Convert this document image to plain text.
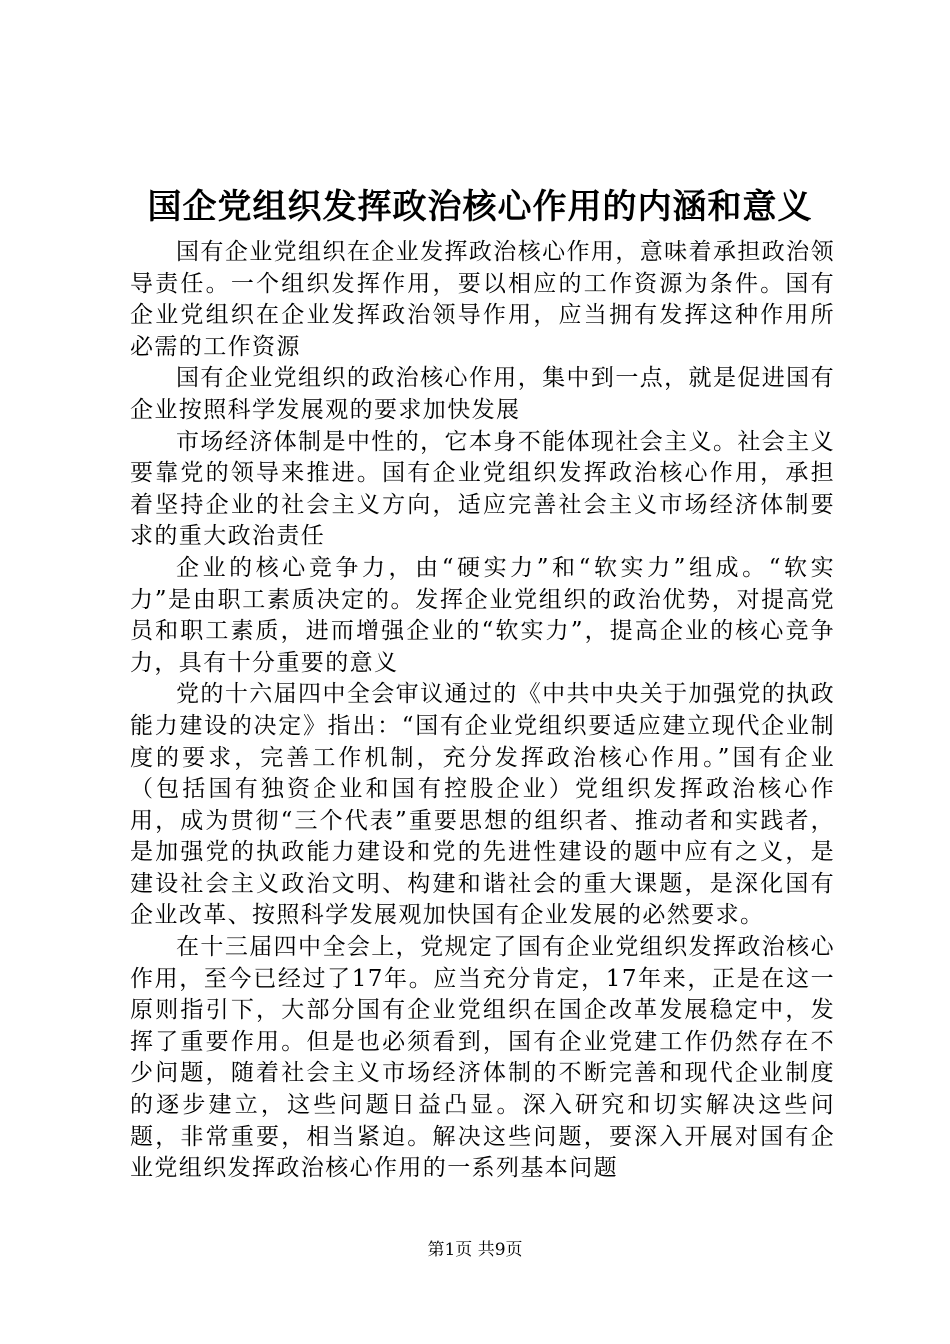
国企党组织发挥政治核心作用的内涵和意义

国有企业党组织在企业发挥政治核心作用，意味着承担政治领导责任。一个组织发挥作用，要以相应的工作资源为条件。国有企业党组织在企业发挥政治领导作用，应当拥有发挥这种作用所必需的工作资源

国有企业党组织的政治核心作用，集中到一点，就是促进国有企业按照科学发展观的要求加快发展

市场经济体制是中性的，它本身不能体现社会主义。社会主义要靠党的领导来推进。国有企业党组织发挥政治核心作用，承担着坚持企业的社会主义方向，适应完善社会主义市场经济体制要求的重大政治责任

企业的核心竞争力，由“硬实力”和“软实力”组成。“软实力”是由职工素质决定的。发挥企业党组织的政治优势，对提高党员和职工素质，进而增强企业的“软实力”，提高企业的核心竞争力，具有十分重要的意义

党的十六届四中全会审议通过的《中共中央关于加强党的执政能力建设的决定》指出：“国有企业党组织要适应建立现代企业制度的要求，完善工作机制，充分发挥政治核心作用。”国有企业（包括国有独资企业和国有控股企业）党组织发挥政治核心作用，成为贯彻“三个代表”重要思想的组织者、推动者和实践者，是加强党的执政能力建设和党的先进性建设的题中应有之义，是建设社会主义政治文明、构建和谐社会的重大课题，是深化国有企业改革、按照科学发展观加快国有企业发展的必然要求。

在十三届四中全会上，党规定了国有企业党组织发挥政治核心作用，至今已经过了17年。应当充分肯定，17年来，正是在这一原则指引下，大部分国有企业党组织在国企改革发展稳定中，发挥了重要作用。但是也必须看到，国有企业党建工作仍然存在不少问题，随着社会主义市场经济体制的不断完善和现代企业制度的逐步建立，这些问题日益凸显。深入研究和切实解决这些问题，非常重要，相当紧迫。解决这些问题，要深入开展对国有企业党组织发挥政治核心作用的一系列基本问题

第1页 共9页
